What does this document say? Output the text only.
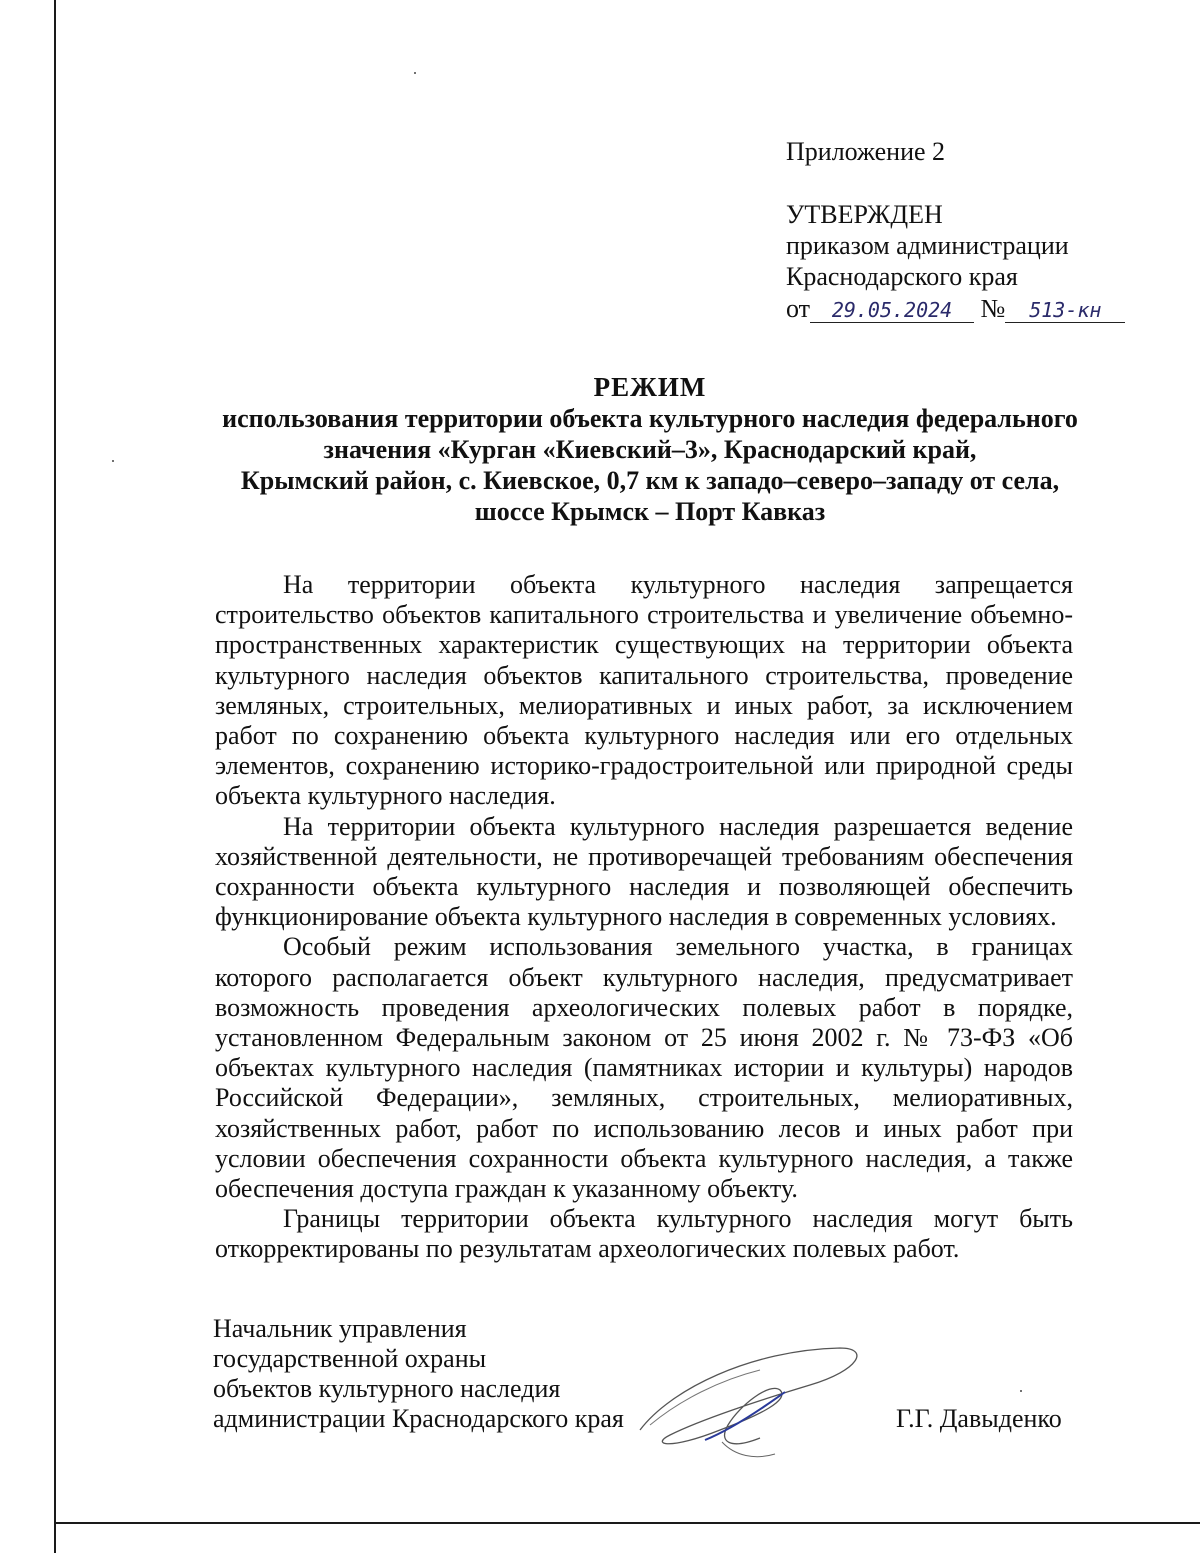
Приложение 2
УТВЕРЖДЕН
приказом администрации
Краснодарского края
от 29.05.2024 № 513-кн
РЕЖИМ
использования территории объекта культурного наследия федерального
значения «Курган «Киевский–3», Краснодарский край,
Крымский район, с. Киевское, 0,7 км к западо–северо–западу от села,
шоссе Крымск – Порт Кавказ

На территории объекта культурного наследия запрещается строительство объектов капитального строительства и увеличение объемно-пространственных характеристик существующих на территории объекта культурного наследия объектов капитального строительства, проведение земляных, строительных, мелиоративных и иных работ, за исключением работ по сохранению объекта культурного наследия или его отдельных элементов, сохранению историко-градостроительной или природной среды объекта культурного наследия.

На территории объекта культурного наследия разрешается ведение хозяйственной деятельности, не противоречащей требованиям обеспечения сохранности объекта культурного наследия и позволяющей обеспечить функционирование объекта культурного наследия в современных условиях.

Особый режим использования земельного участка, в границах которого располагается объект культурного наследия, предусматривает возможность проведения археологических полевых работ в порядке, установленном Федеральным законом от 25 июня 2002 г. № 73-ФЗ «Об объектах культурного наследия (памятниках истории и культуры) народов Российской Федерации», земляных, строительных, мелиоративных, хозяйственных работ, работ по использованию лесов и иных работ при условии обеспечения сохранности объекта культурного наследия, а также обеспечения доступа граждан к указанному объекту.

Границы территории объекта культурного наследия могут быть откорректированы по результатам археологических полевых работ.

Начальник управления
государственной охраны
объектов культурного наследия
администрации Краснодарского края	Г.Г. Давыденко
